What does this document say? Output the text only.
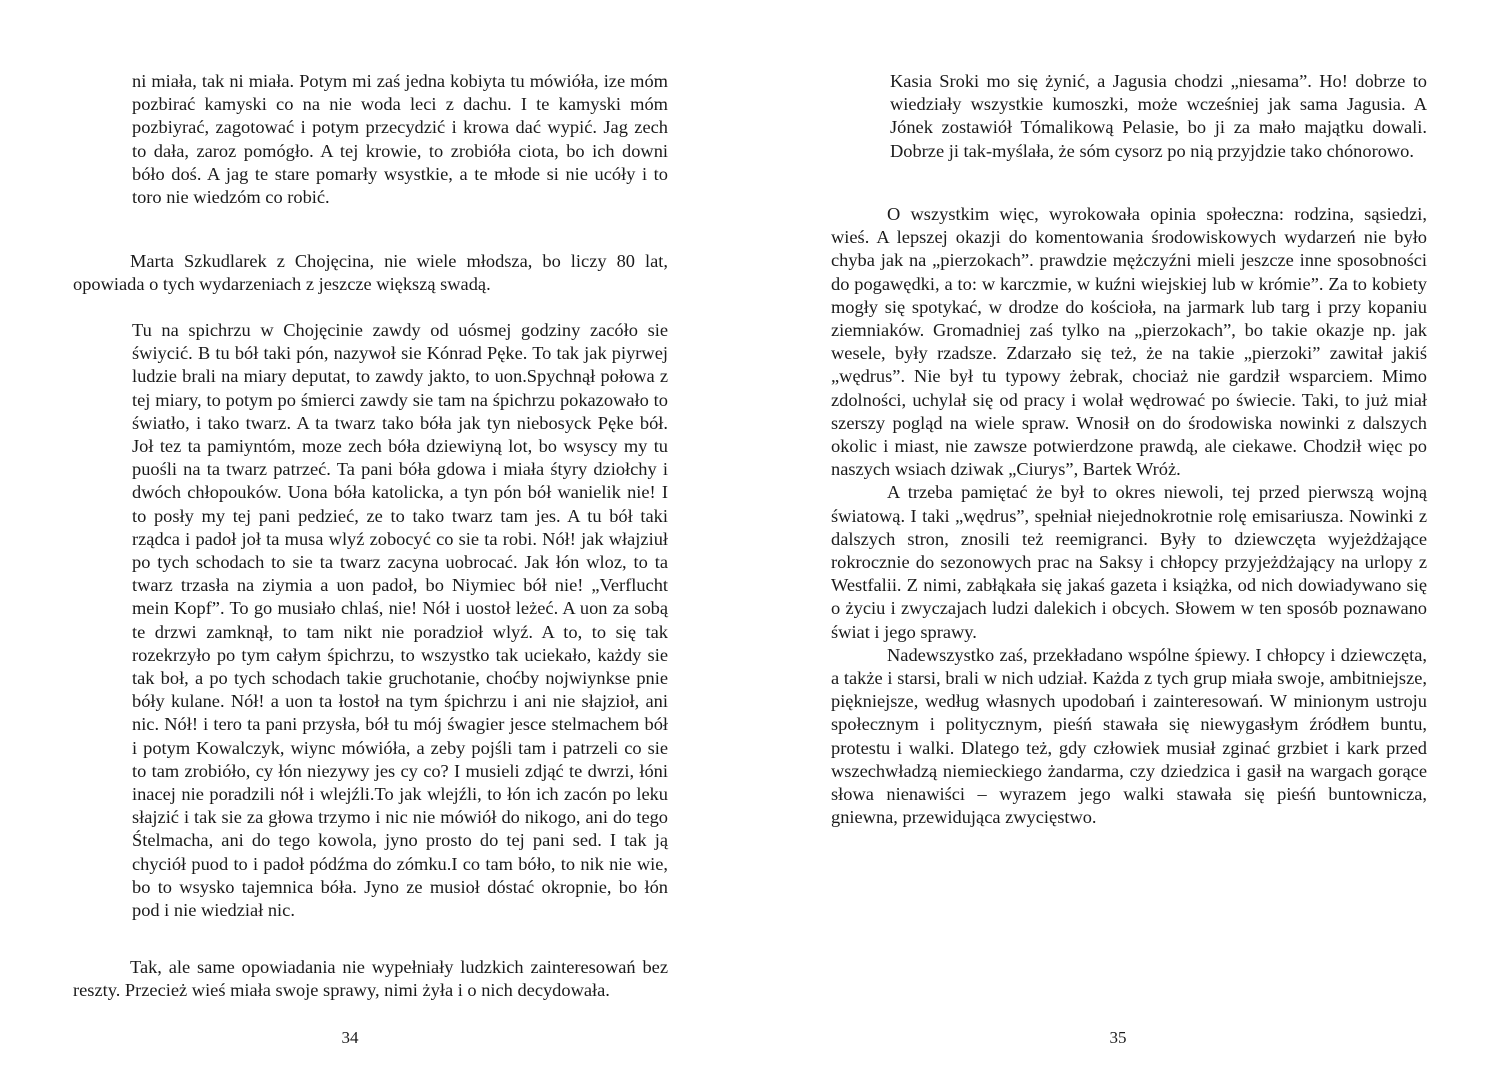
ni miała, tak ni miała. Potym mi zaś jedna kobiyta tu mówióła, ize móm pozbirać kamyski co na nie woda leci z dachu. I te kamyski móm pozbiyrać, zagotować i potym przecydzić i krowa dać wypić. Jag zech to dała, zaroz pomógło. A tej krowie, to zrobióła ciota, bo ich downi bóło doś. A jag te stare pomarły wsystkie, a te młode si nie ucóły i to toro nie wiedzóm co robić.

Marta Szkudlarek z Chojęcina, nie wiele młodsza, bo liczy 80 lat, opowiada o tych wydarzeniach z jeszcze większą swadą.

Tu na spichrzu w Chojęcinie zawdy od uósmej godziny zacóło sie świycić. B tu bół taki pón, nazywoł sie Kónrad Pęke. To tak jak piyrwej ludzie brali na miary deputat, to zawdy jakto, to uon.Spychnął połowa z tej miary, to potym po śmierci zawdy sie tam na śpichrzu pokazowało to światło, i tako twarz. A ta twarz tako bóła jak tyn niebosyck Pęke bół. Joł tez ta pamiyntóm, moze zech bóła dziewiyną lot, bo wsyscy my tu puośli na ta twarz patrzeć. Ta pani bóła gdowa i miała śtyry dziołchy i dwóch chłopouków. Uona bóła katolicka, a tyn pón bół wanielik nie! I to posły my tej pani pedzieć, ze to tako twarz tam jes. A tu bół taki rządca i padoł joł ta musa wlyź zobocyć co sie ta robi. Nół! jak włajziuł po tych schodach to sie ta twarz zacyna uobrocać. Jak łón wloz, to ta twarz trzasła na ziymia a uon padoł, bo Niymiec bół nie! „Verflucht mein Kopf”. To go musiało chlaś, nie! Nół i uostoł leżeć. A uon za sobą te drzwi zamknął, to tam nikt nie poradzioł wlyź. A to, to się tak rozekrzyło po tym całym śpichrzu, to wszystko tak uciekało, każdy sie tak boł, a po tych schodach takie gruchotanie, choćby nojwiynkse pnie bóły kulane. Nół! a uon ta łostoł na tym śpichrzu i ani nie słajzioł, ani nic. Nół! i tero ta pani przysła, bół tu mój śwagier jesce stelmachem bół i potym Kowalczyk, wiync mówióła, a zeby pojśli tam i patrzeli co sie to tam zrobióło, cy łón niezywy jes cy co? I musieli zdjąć te dwrzi, łóni inacej nie poradzili nół i wlejźli.To jak wlejźli, to łón ich zacón po leku słajzić i tak sie za głowa trzymo i nic nie mówiół do nikogo, ani do tego Śtelmacha, ani do tego kowola, jyno prosto do tej pani sed. I tak ją chyciół puod to i padoł pódźma do zómku.I co tam bóło, to nik nie wie, bo to wsysko tajemnica bóła. Jyno ze musioł dóstać okropnie, bo łón pod i nie wiedział nic.

Tak, ale same opowiadania nie wypełniały ludzkich zainteresowań bez reszty. Przecież wieś miała swoje sprawy, nimi żyła i o nich decydowała.

34

Kasia Sroki mo się żynić, a Jagusia chodzi „niesama”. Ho! dobrze to wiedziały wszystkie kumoszki, może wcześniej jak sama Jagusia. A Jónek zostawiół Tómalikową Pelasie, bo ji za mało majątku dowali. Dobrze ji tak-myślała, że sóm cysorz po nią przyjdzie tako chónorowo.

O wszystkim więc, wyrokowała opinia społeczna: rodzina, sąsiedzi, wieś. A lepszej okazji do komentowania środowiskowych wydarzeń nie było chyba jak na „pierzokach”. prawdzie mężczyźni mieli jeszcze inne sposobności do pogawędki, a to: w karczmie, w kuźni wiejskiej lub w krómie”. Za to kobiety mogły się spotykać, w drodze do kościoła, na jarmark lub targ i przy kopaniu ziemniaków. Gromadniej zaś tylko na „pierzokach”, bo takie okazje np. jak wesele, były rzadsze. Zdarzało się też, że na takie „pierzoki” zawitał jakiś „wędrus”. Nie był tu typowy żebrak, chociaż nie gardził wsparciem. Mimo zdolności, uchylał się od pracy i wolał wędrować po świecie. Taki, to już miał szerszy pogląd na wiele spraw. Wnosił on do środowiska nowinki z dalszych okolic i miast, nie zawsze potwierdzone prawdą, ale ciekawe. Chodził więc po naszych wsiach dziwak „Ciurys”, Bartek Wróż.

A trzeba pamiętać że był to okres niewoli, tej przed pierwszą wojną światową. I taki „wędrus”, spełniał niejednokrotnie rolę emisariusza. Nowinki z dalszych stron, znosili też reemigranci. Były to dziewczęta wyjeżdżające rokrocznie do sezonowych prac na Saksy i chłopcy przyjeżdżający na urlopy z Westfalii. Z nimi, zabłąkała się jakaś gazeta i książka, od nich dowiadywano się o życiu i zwyczajach ludzi dalekich i obcych. Słowem w ten sposób poznawano świat i jego sprawy.

Nadewszystko zaś, przekładano wspólne śpiewy. I chłopcy i dziewczęta, a także i starsi, brali w nich udział. Każda z tych grup miała swoje, ambitniejsze, piękniejsze, według własnych upodobań i zainteresowań. W minionym ustroju społecznym i politycznym, pieśń stawała się niewygasłym źródłem buntu, protestu i walki. Dlatego też, gdy człowiek musiał zginać grzbiet i kark przed wszechwładzą niemieckiego żandarma, czy dziedzica i gasił na wargach gorące słowa nienawiści – wyrazem jego walki stawała się pieśń buntownicza, gniewna, przewidująca zwycięstwo.

35
